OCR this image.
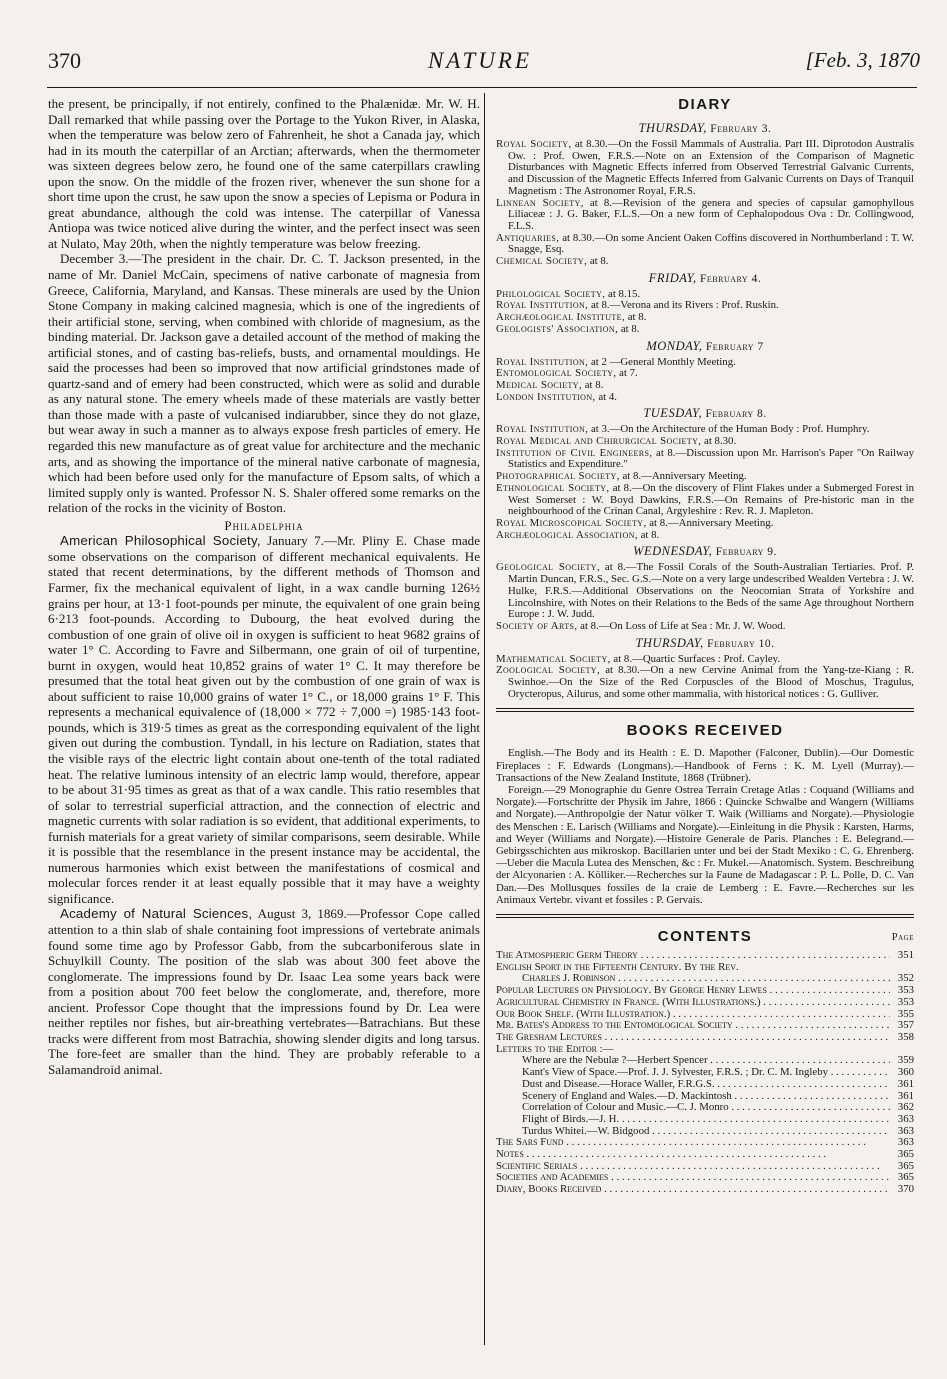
370	NATURE	[Feb. 3, 1870

the present, be principally, if not entirely, confined to the Phalænidæ. Mr. W. H. Dall remarked that while passing over the Portage to the Yukon River, in Alaska, when the temperature was below zero of Fahrenheit, he shot a Canada jay, which had in its mouth the caterpillar of an Arctian; afterwards, when the thermometer was sixteen degrees below zero, he found one of the same caterpillars crawling upon the snow. On the middle of the frozen river, whenever the sun shone for a short time upon the crust, he saw upon the snow a species of Lepisma or Podura in great abundance, although the cold was intense. The caterpillar of Vanessa Antiopa was twice noticed alive during the winter, and the perfect insect was seen at Nulato, May 20th, when the nightly temperature was below freezing.

December 3.—The president in the chair. Dr. C. T. Jackson presented, in the name of Mr. Daniel McCain, specimens of native carbonate of magnesia from Greece, California, Maryland, and Kansas. These minerals are used by the Union Stone Company in making calcined magnesia, which is one of the ingredients of their artificial stone, serving, when combined with chloride of magnesium, as the binding material. Dr. Jackson gave a detailed account of the method of making the artificial stones, and of casting bas-reliefs, busts, and ornamental mouldings. He said the processes had been so improved that now artificial grindstones made of quartz-sand and of emery had been constructed, which were as solid and durable as any natural stone. The emery wheels made of these materials are vastly better than those made with a paste of vulcanised indiarubber, since they do not glaze, but wear away in such a manner as to always expose fresh particles of emery. He regarded this new manufacture as of great value for architecture and the mechanic arts, and as showing the importance of the mineral native carbonate of magnesia, which had been before used only for the manufacture of Epsom salts, of which a limited supply only is wanted. Professor N. S. Shaler offered some remarks on the relation of the rocks in the vicinity of Boston.

Philadelphia

American Philosophical Society, January 7.—Mr. Pliny E. Chase made some observations on the comparison of different mechanical equivalents. He stated that recent determinations, by the different methods of Thomson and Farmer, fix the mechanical equivalent of light, in a wax candle burning 126½ grains per hour, at 13·1 foot-pounds per minute, the equivalent of one grain being 6·213 foot-pounds. According to Dubourg, the heat evolved during the combustion of one grain of olive oil in oxygen is sufficient to heat 9682 grains of water 1° C. According to Favre and Silbermann, one grain of oil of turpentine, burnt in oxygen, would heat 10,852 grains of water 1° C. It may therefore be presumed that the total heat given out by the combustion of one grain of wax is about sufficient to raise 10,000 grains of water 1° C., or 18,000 grains 1° F. This represents a mechanical equivalence of (18,000 × 772 ÷ 7,000 =) 1985·143 foot-pounds, which is 319·5 times as great as the corresponding equivalent of the light given out during the combustion. Tyndall, in his lecture on Radiation, states that the visible rays of the electric light contain about one-tenth of the total radiated heat. The relative luminous intensity of an electric lamp would, therefore, appear to be about 31·95 times as great as that of a wax candle. This ratio resembles that of solar to terrestrial superficial attraction, and the connection of electric and magnetic currents with solar radiation is so evident, that additional experiments, to furnish materials for a great variety of similar comparisons, seem desirable. While it is possible that the resemblance in the present instance may be accidental, the numerous harmonies which exist between the manifestations of cosmical and molecular forces render it at least equally possible that it may have a weighty significance.

Academy of Natural Sciences, August 3, 1869.—Professor Cope called attention to a thin slab of shale containing foot impressions of vertebrate animals found some time ago by Professor Gabb, from the subcarboniferous slate in Schuylkill County. The position of the slab was about 300 feet above the conglomerate. The impressions found by Dr. Isaac Lea some years back were from a position about 700 feet below the conglomerate, and, therefore, more ancient. Professor Cope thought that the impressions found by Dr. Lea were neither reptiles nor fishes, but air-breathing vertebrates—Batrachians. But these tracks were different from most Batrachia, showing slender digits and long tarsus. The fore-feet are smaller than the hind. They are probably referable to a Salamandroid animal.

DIARY
THURSDAY, February 3.

Royal Society, at 8.30.—On the Fossil Mammals of Australia. Part III. Diprotodon Australis Ow. : Prof. Owen, F.R.S.—Note on an Extension of the Comparison of Magnetic Disturbances with Magnetic Effects inferred from Observed Terrestrial Galvanic Currents, and Discussion of the Magnetic Effects Inferred from Galvanic Currents on Days of Tranquil Magnetism : The Astronomer Royal, F.R.S.

Linnean Society, at 8.—Revision of the genera and species of capsular gamophyllous Liliaceæ : J. G. Baker, F.L.S.—On a new form of Cephalopodous Ova : Dr. Collingwood, F.L.S.

Antiquaries, at 8.30.—On some Ancient Oaken Coffins discovered in Northumberland : T. W. Snagge, Esq.

Chemical Society, at 8.

FRIDAY, February 4.

Philological Society, at 8.15.

Royal Institution, at 8.—Verona and its Rivers : Prof. Ruskin.

Archæological Institute, at 8.

Geologists' Association, at 8.

MONDAY, February 7

Royal Institution, at 2 —General Monthly Meeting.

Entomological Society, at 7.

Medical Society, at 8.

London Institution, at 4.

TUESDAY, February 8.

Royal Institution, at 3.—On the Architecture of the Human Body : Prof. Humphry.

Royal Medical and Chirurgical Society, at 8.30.

Institution of Civil Engineers, at 8.—Discussion upon Mr. Harrison's Paper "On Railway Statistics and Expenditure."

Photographical Society, at 8.—Anniversary Meeting.

Ethnological Society, at 8.—On the discovery of Flint Flakes under a Submerged Forest in West Somerset : W. Boyd Dawkins, F.R.S.—On Remains of Pre-historic man in the neighbourhood of the Crinan Canal, Argyleshire : Rev. R. J. Mapleton.

Royal Microscopical Society, at 8.—Anniversary Meeting.

Archæological Association, at 8.

WEDNESDAY, February 9.

Geological Society, at 8.—The Fossil Corals of the South-Australian Tertiaries. Prof. P. Martin Duncan, F.R.S., Sec. G.S.—Note on a very large undescribed Wealden Vertebra : J. W. Hulke, F.R.S.—Additional Observations on the Neocomian Strata of Yorkshire and Lincolnshire, with Notes on their Relations to the Beds of the same Age throughout Northern Europe : J. W. Judd.

Society of Arts, at 8.—On Loss of Life at Sea : Mr. J. W. Wood.

THURSDAY, February 10.

Mathematical Society, at 8.—Quartic Surfaces : Prof. Cayley.

Zoological Society, at 8.30.—On a new Cervine Animal from the Yang-tze-Kiang : R. Swinhoe.—On the Size of the Red Corpuscles of the Blood of Moschus, Tragulus, Orycteropus, Ailurus, and some other mammalia, with historical notices : G. Gulliver.

BOOKS RECEIVED

English.—The Body and its Health : E. D. Mapother (Falconer, Dublin).—Our Domestic Fireplaces : F. Edwards (Longmans).—Handbook of Ferns : K. M. Lyell (Murray).—Transactions of the New Zealand Institute, 1868 (Trübner).

Foreign.—29 Monographie du Genre Ostrea Terrain Cretage Atlas : Coquand (Williams and Norgate).—Fortschritte der Physik im Jahre, 1866 : Quincke Schwalbe and Wangern (Williams and Norgate).—Anthropolgie der Natur völker T. Waik (Williams and Norgate).—Physiologie des Menschen : E. Larisch (Williams and Norgate).—Einleitung in die Physik : Karsten, Harms, and Weyer (Williams and Norgate).—Histoire Generale de Paris. Planches : E. Belegrand.—Gebirgsschichten aus mikroskop. Bacillarien unter und bei der Stadt Mexiko : C. G. Ehrenberg.—Ueber die Macula Lutea des Menschen, &c : Fr. Mukel.—Anatomisch. System. Beschreibung der Alcyonarien : A. Kölliker.—Recherches sur la Faune de Madagascar : P. L. Polle, D. C. Van Dan.—Des Mollusques fossiles de la craie de Lemberg : E. Favre.—Recherches sur les Animaux Vertebr. vivant et fossiles : P. Gervais.

CONTENTS	Page
The Atmospheric Germ Theory . . .	351
English Sport in the Fifteenth Century. By the Rev.
Charles J. Robinson . . .	352
Popular Lectures on Physiology. By George Henry Lewes . . .	353
Agricultural Chemistry in France. (With Illustrations.) . . .	353
Our Book Shelf. (With Illustration.) . . .	355
Mr. Bates's Address to the Entomological Society . . .	357
The Gresham Lectures . . .	358
Letters to the Editor :—
Where are the Nebulæ ?—Herbert Spencer . . .	359
Kant's View of Space.—Prof. J. J. Sylvester, F.R.S. ; Dr. C. M. Ingleby . . .	360
Dust and Disease.—Horace Waller, F.R.G.S. . . .	361
Scenery of England and Wales.—D. Mackintosh . . .	361
Correlation of Colour and Music.—C. J. Monro . . .	362
Flight of Birds.—J. H. . . .	363
Turdus Whitei.—W. Bidgood . . .	363
The Sars Fund . . .	363
Notes . . .	365
Scientific Serials . . .	365
Societies and Academies . . .	365
Diary, Books Received . . .	370
